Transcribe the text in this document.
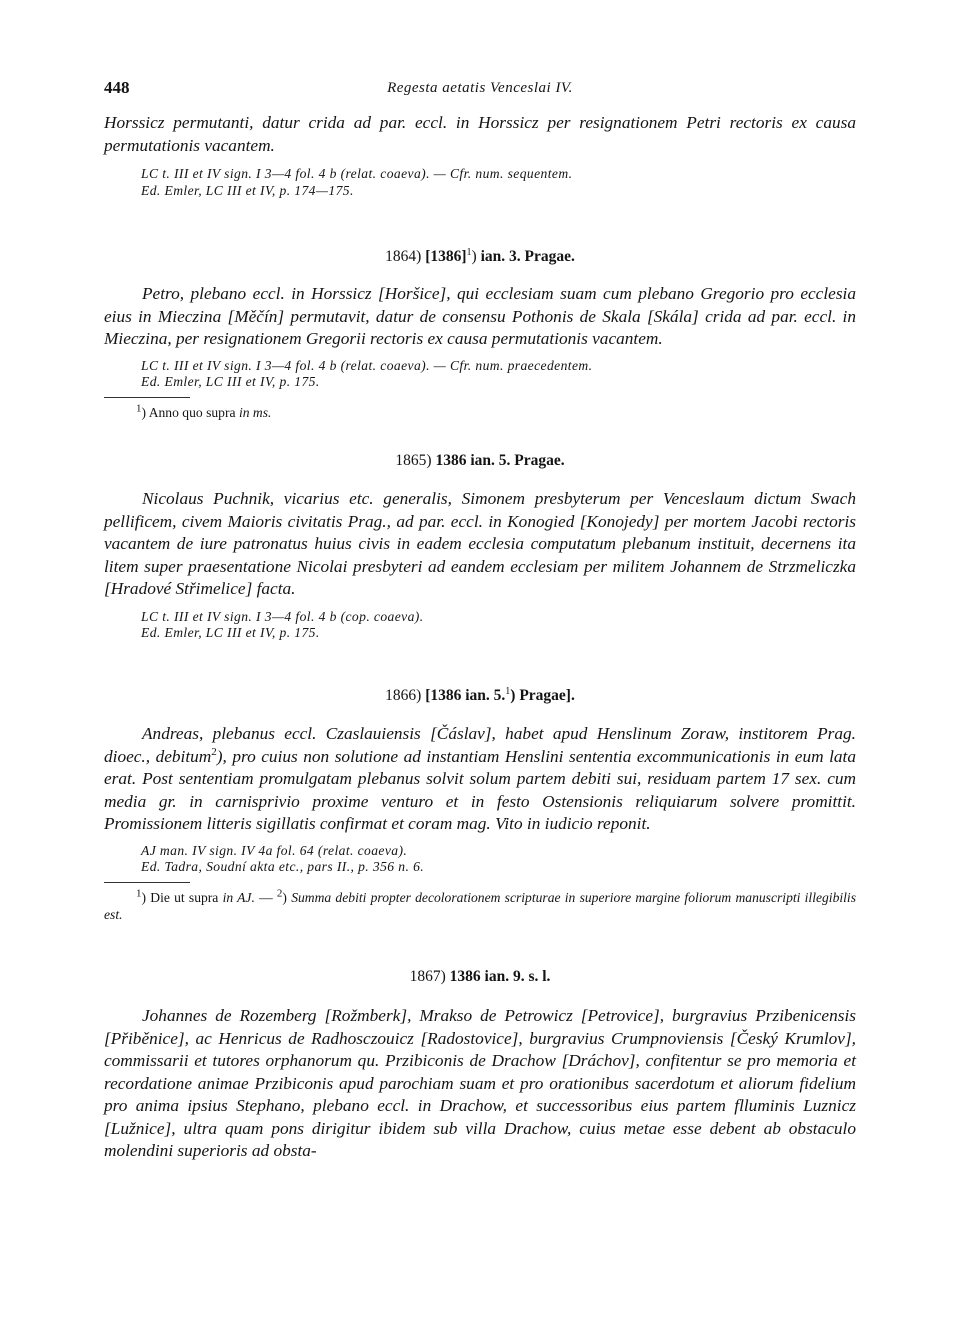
448	Regesta aetatis Venceslai IV.

Horssicz permutanti, datur crida ad par. eccl. in Horssicz per resignationem Petri rectoris ex causa permutationis vacantem.

LC t. III et IV sign. I 3—4 fol. 4 b (relat. coaeva). — Cfr. num. sequentem.

Ed. Emler, LC III et IV, p. 174—175.

1864) $[1386]^1$) ian. 3. Pragae.

Petro, plebano eccl. in Horssicz [Horšice], qui ecclesiam suam cum plebano Gregorio pro ecclesia eius in Mieczina [Měčín] permutavit, datur de consensu Pothonis de Skala [Skála] crida ad par. eccl. in Mieczina, per resignationem Gregorii rectoris ex causa permutationis vacantem.

LC t. III et IV sign. I 3—4 fol. 4 b (relat. coaeva). — Cfr. num. praecedentem.

Ed. Emler, LC III et IV, p. 175.

$^1$) Anno quo supra in ms.

1865) 1386 ian. 5. Pragae.

Nicolaus Puchnik, vicarius etc. generalis, Simonem presbyterum per Venceslaum dictum Swach pellificem, civem Maioris civitatis Prag., ad par. eccl. in Konogied [Konojedy] per mortem Jacobi rectoris vacantem de iure patronatus huius civis in eadem ecclesia computatum plebanum instituit, decernens ita litem super praesentatione Nicolai presbyteri ad eandem ecclesiam per militem Johannem de Strzmeliczka [Hradové Střimelice] facta.

LC t. III et IV sign. I 3—4 fol. 4 b (cop. coaeva).

Ed. Emler, LC III et IV, p. 175.

1866) [1386 ian. 5.$^1$) Pragae].

Andreas, plebanus eccl. Czaslauiensis [Čáslav], habet apud Henslinum Zoraw, institorem Prag. dioec., debitum$^2$), pro cuius non solutione ad instantiam Henslini sententia excommunicationis in eum lata erat. Post sententiam promulgatam plebanus solvit solum partem debiti sui, residuam partem 17 sex. cum media gr. in carnisprivio proxime venturo et in festo Ostensionis reliquiarum solvere promittit. Promissionem litteris sigillatis confirmat et coram mag. Vito in iudicio reponit.

AJ man. IV sign. IV 4a fol. 64 (relat. coaeva).

Ed. Tadra, Soudní akta etc., pars II., p. 356 n. 6.

$^1$) Die ut supra in AJ. — $^2$) Summa debiti propter decolorationem scripturae in superiore margine foliorum manuscripti illegibilis est.

1867) 1386 ian. 9. s. l.

Johannes de Rozemberg [Rožmberk], Mrakso de Petrowicz [Petrovice], burgravius Przibenicensis [Přiběnice], ac Henricus de Radhosczouicz [Radostovice], burgravius Crumpnoviensis [Český Krumlov], commissarii et tutores orphanorum qu. Przibiconis de Drachow [Dráchov], confitentur se pro memoria et recordatione animae Przibiconis apud parochiam suam et pro orationibus sacerdotum et aliorum fidelium pro anima ipsius Stephano, plebano eccl. in Drachow, et successoribus eius partem flluminis Luznicz [Lužnice], ultra quam pons dirigitur ibidem sub villa Drachow, cuius metae esse debent ab obstaculo molendini superioris ad obsta-
